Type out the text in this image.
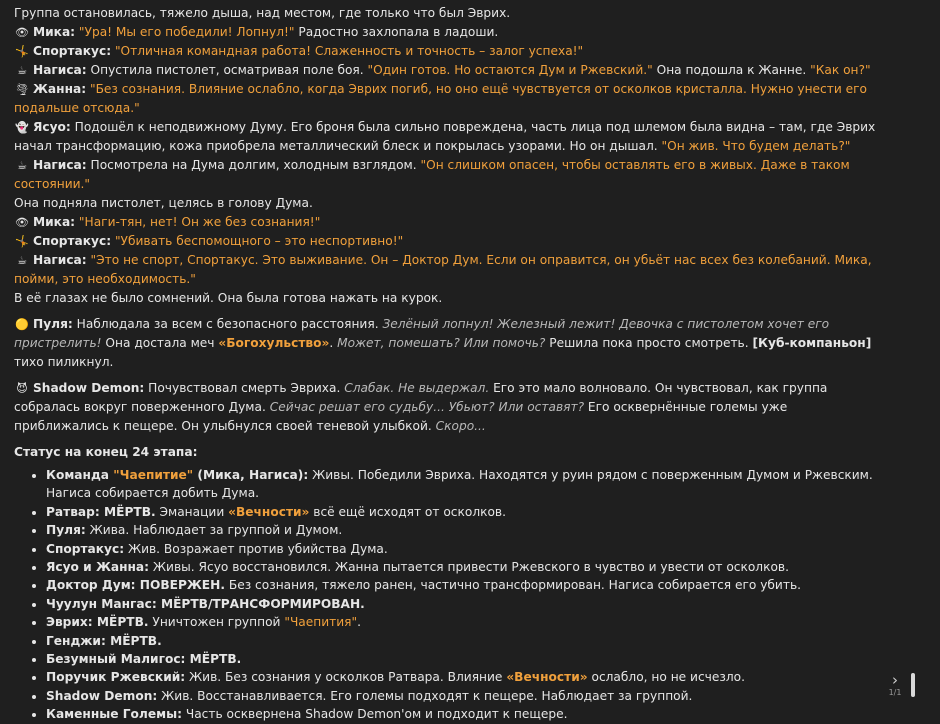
Группа остановилась, тяжело дыша, над местом, где только что был Эврих.

👁 Мика: "Ура! Мы его победили! Лопнул!" Радостно захлопала в ладоши.

🤸 Спортакус: "Отличная командная работа! Слаженность и точность – залог успеха!"

☕ Нагиса: Опустила пистолет, осматривая поле боя. "Один готов. Но остаются Дум и Ржевский." Она подошла к Жанне. "Как он?"

🌪 Жанна: "Без сознания. Влияние ослабло, когда Эврих погиб, но оно ещё чувствуется от осколков кристалла. Нужно унести его подальше отсюда."

👻 Ясуо: Подошёл к неподвижному Думу. Его броня была сильно повреждена, часть лица под шлемом была видна – там, где Эврих начал трансформацию, кожа приобрела металлический блеск и покрылась узорами. Но он дышал. "Он жив. Что будем делать?"

☕ Нагиса: Посмотрела на Дума долгим, холодным взглядом. "Он слишком опасен, чтобы оставлять его в живых. Даже в таком состоянии."

Она подняла пистолет, целясь в голову Дума.

👁 Мика: "Наги-тян, нет! Он же без сознания!"

🤸 Спортакус: "Убивать беспомощного – это неспортивно!"

☕ Нагиса: "Это не спорт, Спортакус. Это выживание. Он – Доктор Дум. Если он оправится, он убьёт нас всех без колебаний. Мика, пойми, это необходимость."

В её глазах не было сомнений. Она была готова нажать на курок.

🟡 Пуля: Наблюдала за всем с безопасного расстояния. Зелёный лопнул! Железный лежит! Девочка с пистолетом хочет его пристрелить! Она достала меч «Богохульство». Может, помешать? Или помочь? Решила пока просто смотреть. [Куб-компаньон] тихо пиликнул.

😈 Shadow Demon: Почувствовал смерть Эвриха. Слабак. Не выдержал. Его это мало волновало. Он чувствовал, как группа собралась вокруг поверженного Дума. Сейчас решат его судьбу... Убьют? Или оставят? Его осквернённые големы уже приближались к пещере. Он улыбнулся своей теневой улыбкой. Скоро...

Статус на конец 24 этапа:

• Команда "Чаепитие" (Мика, Нагиса): Живы. Победили Эвриха. Находятся у руин рядом с поверженным Думом и Ржевским. Нагиса собирается добить Дума.
• Ратвар: МЁРТВ. Эманации «Вечности» всё ещё исходят от осколков.
• Пуля: Жива. Наблюдает за группой и Думом.
• Спортакус: Жив. Возражает против убийства Дума.
• Ясуо и Жанна: Живы. Ясуо восстановился. Жанна пытается привести Ржевского в чувство и увести от осколков.
• Доктор Дум: ПОВЕРЖЕН. Без сознания, тяжело ранен, частично трансформирован. Нагиса собирается его убить.
• Чуулун Мангас: МЁРТВ/ТРАНСФОРМИРОВАН.
• Эврих: МЁРТВ. Уничтожен группой "Чаепития".
• Генджи: МЁРТВ.
• Безумный Малигос: МЁРТВ.
• Поручик Ржевский: Жив. Без сознания у осколков Ратвара. Влияние «Вечности» ослабло, но не исчезло.
• Shadow Demon: Жив. Восстанавливается. Его големы подходят к пещере. Наблюдает за группой.
• Каменные Големы: Часть осквернена Shadow Demon'ом и подходит к пещере.
›
1/1
